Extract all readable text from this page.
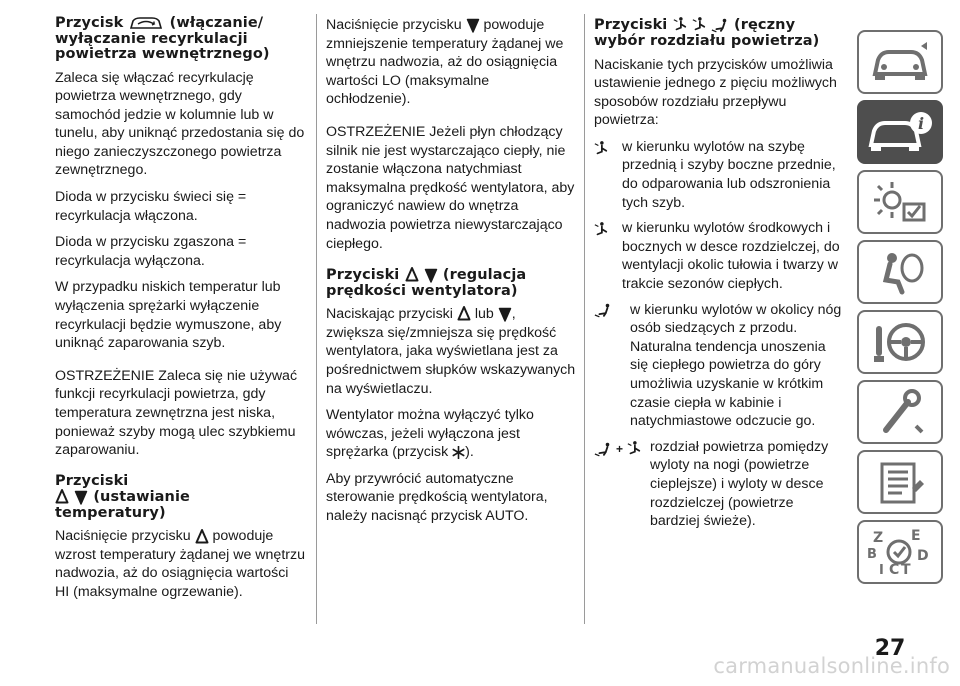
Przycisk	(włączanie/ wyłączanie recyrkulacji powietrza wewnętrznego)

Zaleca się włączać recyrkulację powietrza wewnętrznego, gdy samochód jedzie w kolumnie lub w tunelu, aby uniknąć przedostania się do niego zanieczyszczonego powietrza zewnętrznego.

Dioda w przycisku świeci się = recyrkulacja włączona.

Dioda w przycisku zgaszona = recyrkulacja wyłączona.

W przypadku niskich temperatur lub wyłączenia sprężarki wyłączenie recyrkulacji będzie wymuszone, aby uniknąć zaparowania szyb.

OSTRZEŻENIE Zaleca się nie używać funkcji recyrkulacji powietrza, gdy temperatura zewnętrzna jest niska, ponieważ szyby mogą ulec szybkiemu zaparowaniu.

Przyciski

(ustawianie temperatury)

Naciśnięcie przycisku powoduje wzrost temperatury żądanej we wnętrzu nadwozia, aż do osiągnięcia wartości HI (maksymalne ogrzewanie).

Naciśnięcie przycisku powoduje zmniejszenie temperatury żądanej we wnętrzu nadwozia, aż do osiągnięcia wartości LO (maksymalne ochłodzenie).

OSTRZEŻENIE Jeżeli płyn chłodzący silnik nie jest wystarczająco ciepły, nie zostanie włączona natychmiast maksymalna prędkość wentylatora, aby ograniczyć nawiew do wnętrza nadwozia powietrza niewystarczająco ciepłego.

Przyciski
	(regulacja prędkości wentylatora)

Naciskając przyciski lub , zwiększa się/zmniejsza się prędkość wentylatora, jaka wyświetlana jest za pośrednictwem słupków wskazywanych na wyświetlaczu.

Wentylator można wyłączyć tylko wówczas, jeżeli wyłączona jest sprężarka (przycisk ).

Aby przywrócić automatyczne sterowanie prędkością wentylatora, należy nacisnąć przycisk AUTO.

Przyciski

	(ręczny wybór rozdziału powietrza)

Naciskanie tych przycisków umożliwia ustawienie jednego z pięciu możliwych sposobów rozdziału przepływu powietrza:

w kierunku wylotów na szybę przednią i szyby boczne przednie, do odparowania lub odszronienia tych szyb.
w kierunku wylotów środkowych i bocznych w desce rozdzielczej, do wentylacji okolic tułowia i twarzy w trakcie sezonów ciepłych.
w kierunku wylotów w okolicy nóg osób siedzących z przodu. Naturalna tendencja unoszenia się ciepłego powietrza do góry umożliwia uzyskanie w krótkim czasie ciepła w kabinie i natychmiastowe odczucie go.
+	rozdział powietrza pomiędzy wyloty na nogi (powietrze cieplejsze) i wyloty w desce rozdzielczej (powietrze bardziej świeże).
i
Z E
B	D
I C T
27
carmanualsonline.info
